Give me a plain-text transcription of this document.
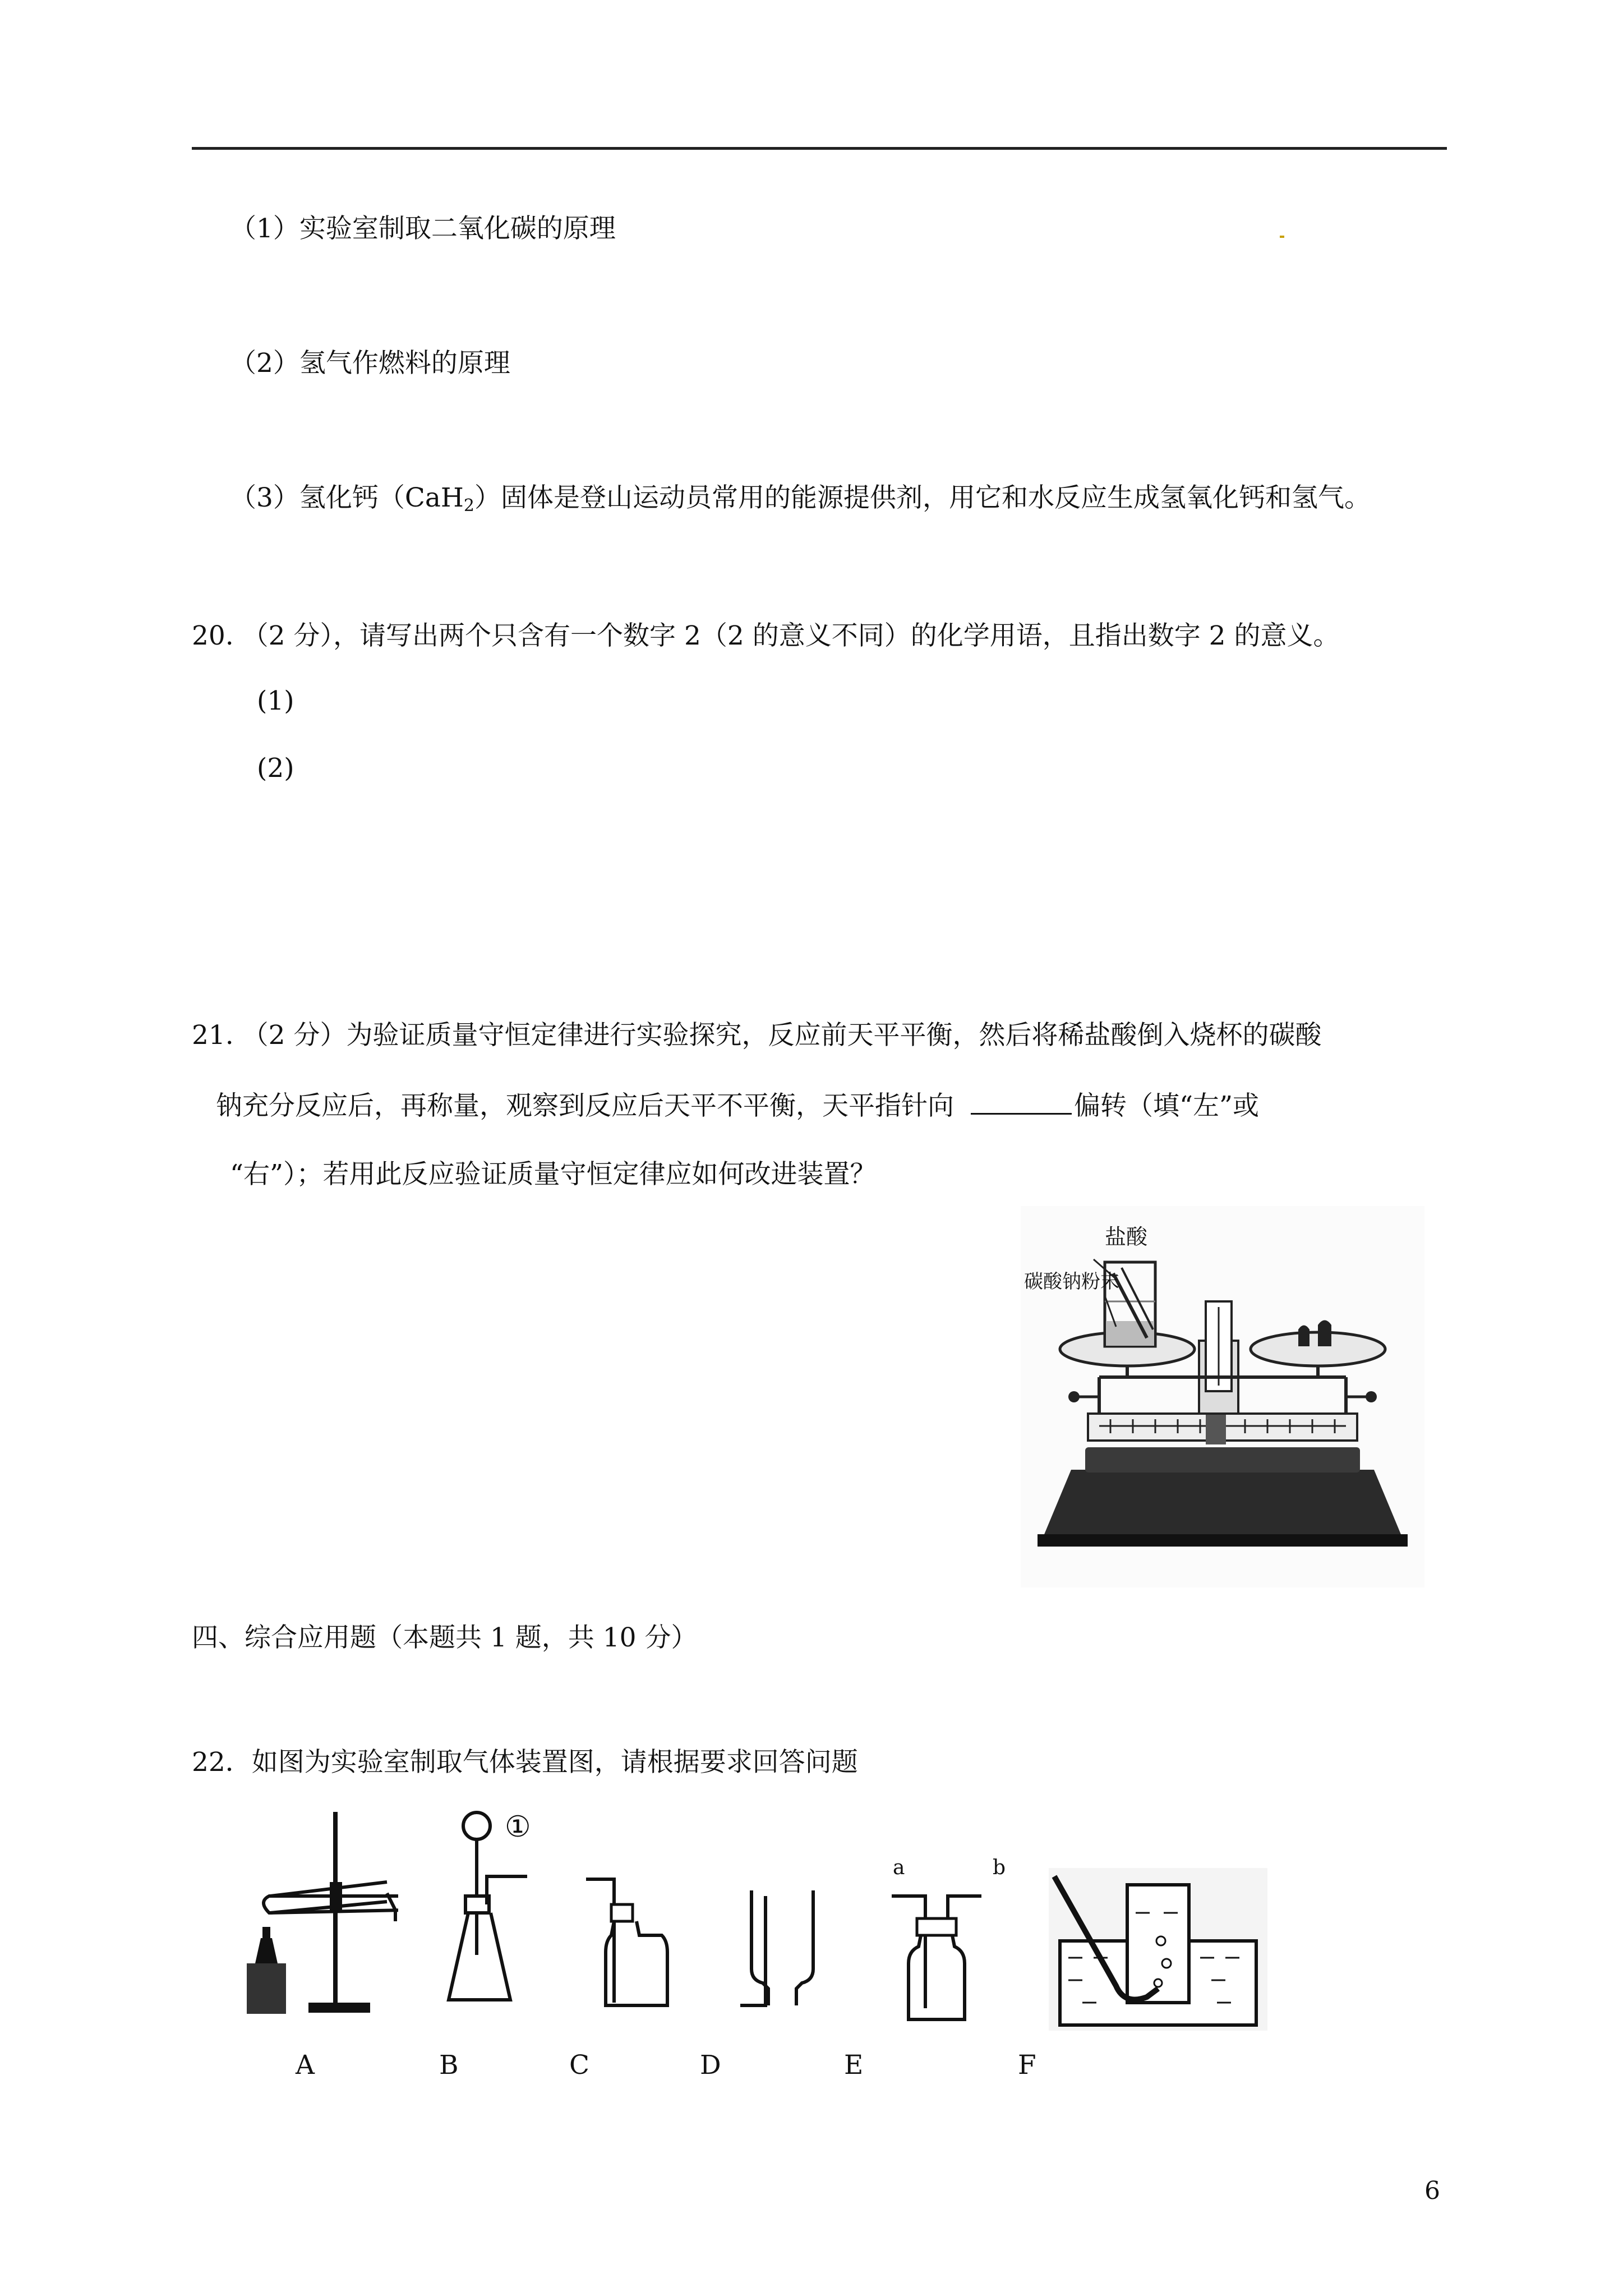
（1）实验室制取二氧化碳的原理
（2）氢气作燃料的原理
（3）氢化钙（CaH$_2$）固体是登山运动员常用的能源提供剂，用它和水反应生成氢氧化钙和氢气。
20. （2 分），请写出两个只含有一个数字 2（2 的意义不同）的化学用语，且指出数字 2 的意义。
(1)
(2)
21. （2 分）为验证质量守恒定律进行实验探究，反应前天平平衡，然后将稀盐酸倒入烧杯的碳酸
钠充分反应后，再称量，观察到反应后天平不平衡，天平指针向	偏转（填“左”或
“右”）；若用此反应验证质量守恒定律应如何改进装置？
盐酸
碳酸钠粉末
四、综合应用题（本题共 1 题，共 10 分）
22．如图为实验室制取气体装置图，请根据要求回答问题
①
a	b
A	B	C	D	E	F
6
